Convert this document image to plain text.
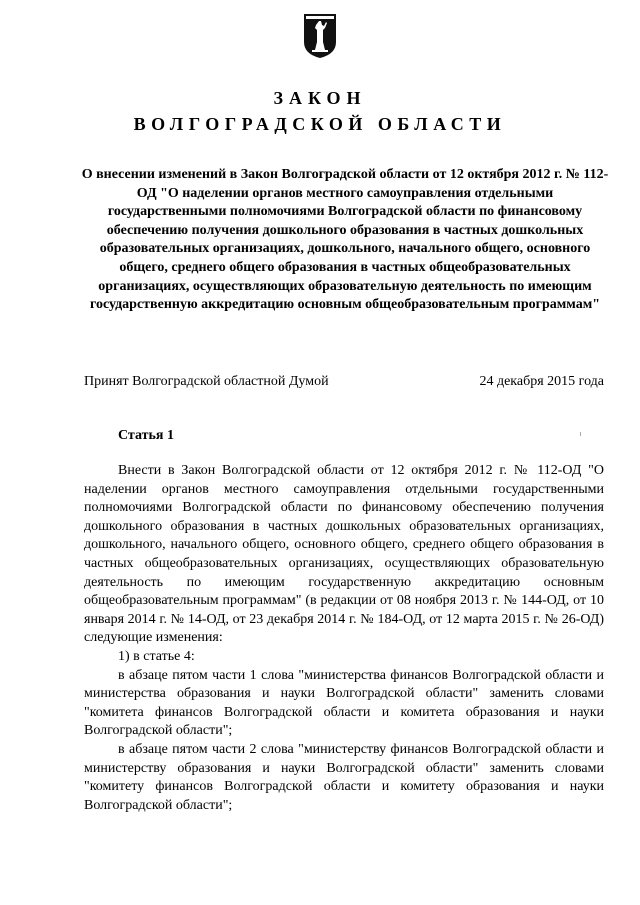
ЗАКОН
ВОЛГОГРАДСКОЙ ОБЛАСТИ

О внесении изменений в Закон Волгоградской области от 12 октября 2012 г. № 112-ОД "О наделении органов местного самоуправления отдельными государственными полномочиями Волгоградской области по финансовому обеспечению получения дошкольного образования в частных дошкольных образовательных организациях, дошкольного, начального общего, основного общего, среднего общего образования в частных общеобразовательных организациях, осуществляющих образовательную деятельность по имеющим государственную аккредитацию основным общеобразовательным программам"

Принят Волгоградской областной Думой	24 декабря 2015 года
Статья 1

Внести в Закон Волгоградской области от 12 октября 2012 г. № 112-ОД "О наделении органов местного самоуправления отдельными государственными полномочиями Волгоградской области по финансовому обеспечению получения дошкольного образования в частных дошкольных образовательных организациях, дошкольного, начального общего, основного общего, среднего общего образования в частных общеобразовательных организациях, осуществляющих образовательную деятельность по имеющим государственную аккредитацию основным общеобразовательным программам" (в редакции от 08 ноября 2013 г. № 144-ОД, от 10 января 2014 г. № 14-ОД, от 23 декабря 2014 г. № 184-ОД, от 12 марта 2015 г. № 26-ОД) следующие изменения:

1) в статье 4:

в абзаце пятом части 1 слова "министерства финансов Волгоградской области и министерства образования и науки Волгоградской области" заменить словами "комитета финансов Волгоградской области и комитета образования и науки Волгоградской области";

в абзаце пятом части 2 слова "министерству финансов Волгоградской области и министерству образования и науки Волгоградской области" заменить словами "комитету финансов Волгоградской области и комитету образования и науки Волгоградской области";
